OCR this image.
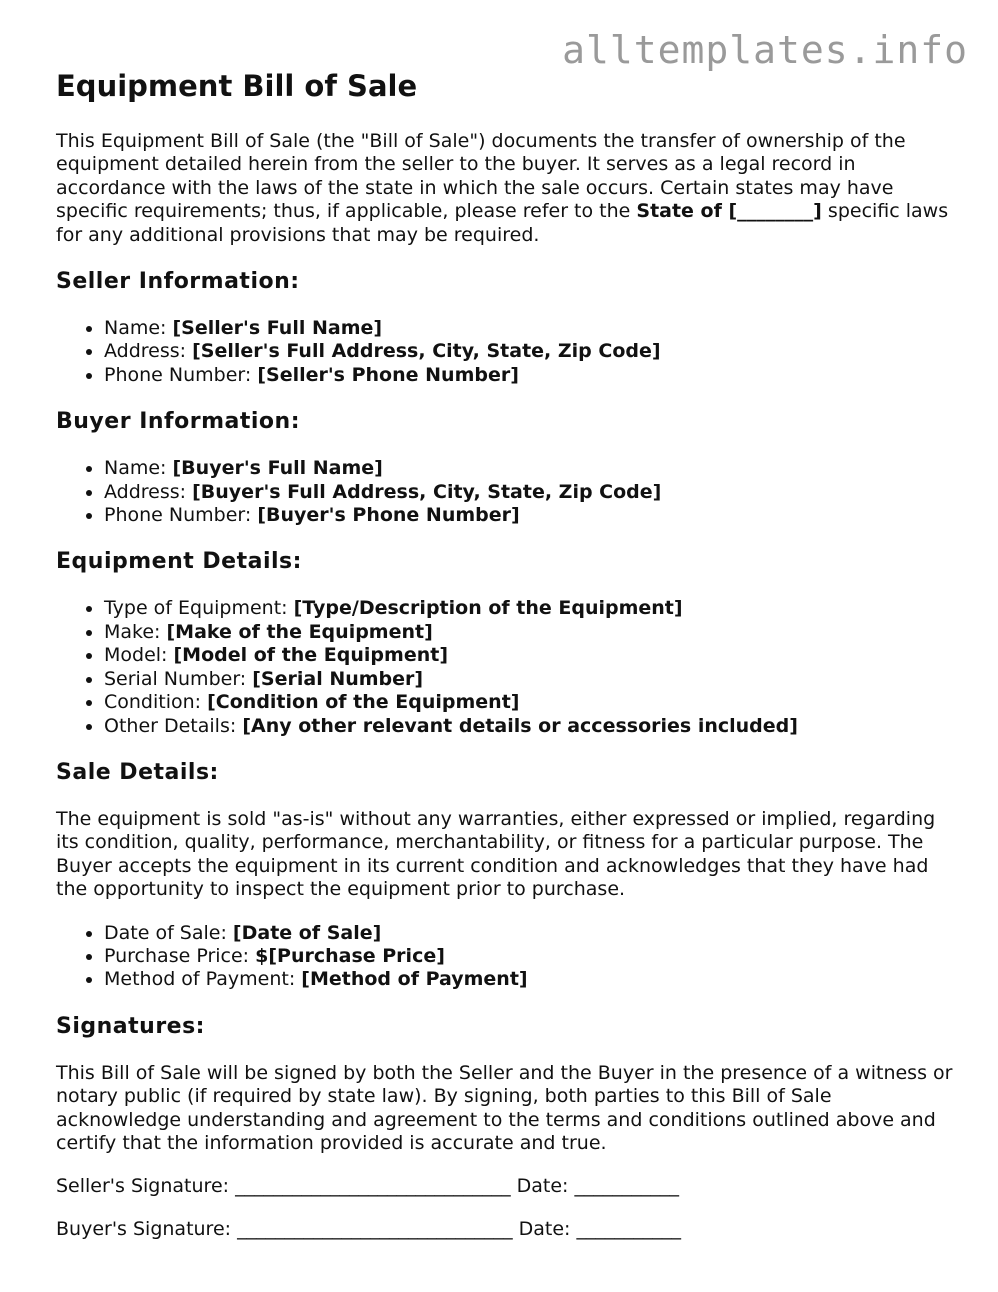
alltemplates.info
Equipment Bill of Sale

This Equipment Bill of Sale (the "Bill of Sale") documents the transfer of ownership of the equipment detailed herein from the seller to the buyer. It serves as a legal record in accordance with the laws of the state in which the sale occurs. Certain states may have specific requirements; thus, if applicable, please refer to the State of [________] specific laws for any additional provisions that may be required.

Seller Information:
• Name: [Seller's Full Name]
• Address: [Seller's Full Address, City, State, Zip Code]
• Phone Number: [Seller's Phone Number]
Buyer Information:
• Name: [Buyer's Full Name]
• Address: [Buyer's Full Address, City, State, Zip Code]
• Phone Number: [Buyer's Phone Number]
Equipment Details:
• Type of Equipment: [Type/Description of the Equipment]
• Make: [Make of the Equipment]
• Model: [Model of the Equipment]
• Serial Number: [Serial Number]
• Condition: [Condition of the Equipment]
• Other Details: [Any other relevant details or accessories included]
Sale Details:

The equipment is sold "as-is" without any warranties, either expressed or implied, regarding its condition, quality, performance, merchantability, or fitness for a particular purpose. The Buyer accepts the equipment in its current condition and acknowledges that they have had the opportunity to inspect the equipment prior to purchase.

• Date of Sale: [Date of Sale]
• Purchase Price: $[Purchase Price]
• Method of Payment: [Method of Payment]
Signatures:

This Bill of Sale will be signed by both the Seller and the Buyer in the presence of a witness or notary public (if required by state law). By signing, both parties to this Bill of Sale acknowledge understanding and agreement to the terms and conditions outlined above and certify that the information provided is accurate and true.

Seller's Signature: _____________________________ Date: ___________
Buyer's Signature: _____________________________ Date: ___________
